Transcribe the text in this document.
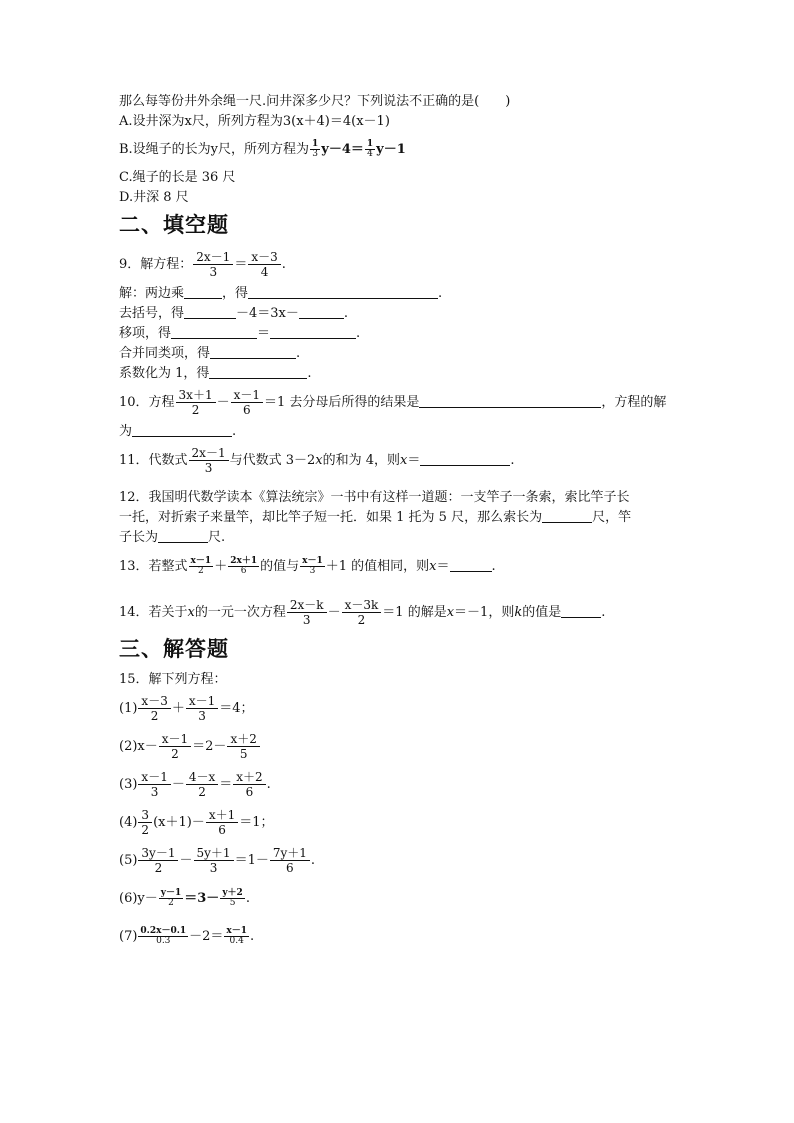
那么每等份井外余绳一尺.问井深多少尺？下列说法不正确的是(　　)
A.设井深为x尺，所列方程为3(x＋4)＝4(x－1)
B.设绳子的长为y尺，所列方程为 $\frac{1}{3} y-4= \frac{1}{4} y-1$
C.绳子的长是 36 尺
D.井深 8 尺
二、填空题
9．解方程： $\frac{2x-1}{3} = \frac{x-3}{4}$ .
解：两边乘	，得	.
去括号，得	－4＝3x－	.
移项，得	＝	.
合并同类项，得	.
系数化为 1，得	.
10．方程 $\frac{3x+1}{2} - \frac{x-1}{6} =1$ 去分母后所得的结果是	，方程的解
为	.
11．代数式 $\frac{2x-1}{3}$ 与代数式 3－2x的和为 4，则x＝	.
12．我国明代数学读本《算法统宗》一书中有这样一道题：一支竿子一条索，索比竿子长
一托，对折索子来量竿，却比竿子短一托．如果 1 托为 5 尺，那么索长为	尺，竿
子长为	尺.
13．若整式 $\frac{x-1}{2} + \frac{2x+1}{6}$ 的值与 $\frac{x-1}{3} +1$ 的值相同，则x＝	.
14．若关于x的一元一次方程 $\frac{2x-k}{3} - \frac{x-3k}{2} =1$ 的解是x＝－1，则k的值是	.
三、解答题
15．解下列方程：
$(1) \frac{x-3}{2} + \frac{x-1}{3} =4$；
$(2)x- \frac{x-1}{2} =2- \frac{x+2}{5}$
$(3) \frac{x-1}{3} - \frac{4-x}{2} = \frac{x+2}{6}$ .
$(4) \frac{3}{2} (x+1)- \frac{x+1}{6} =1$；
$(5) \frac{3y-1}{2} - \frac{5y+1}{3} =1- \frac{7y+1}{6}$ .
$(6)y- \frac{y-1}{2} =3- \frac{y+2}{5}$ .
$(7) \frac{0.2x-0.1}{0.3} -2= \frac{x-1}{0.4}$ .
